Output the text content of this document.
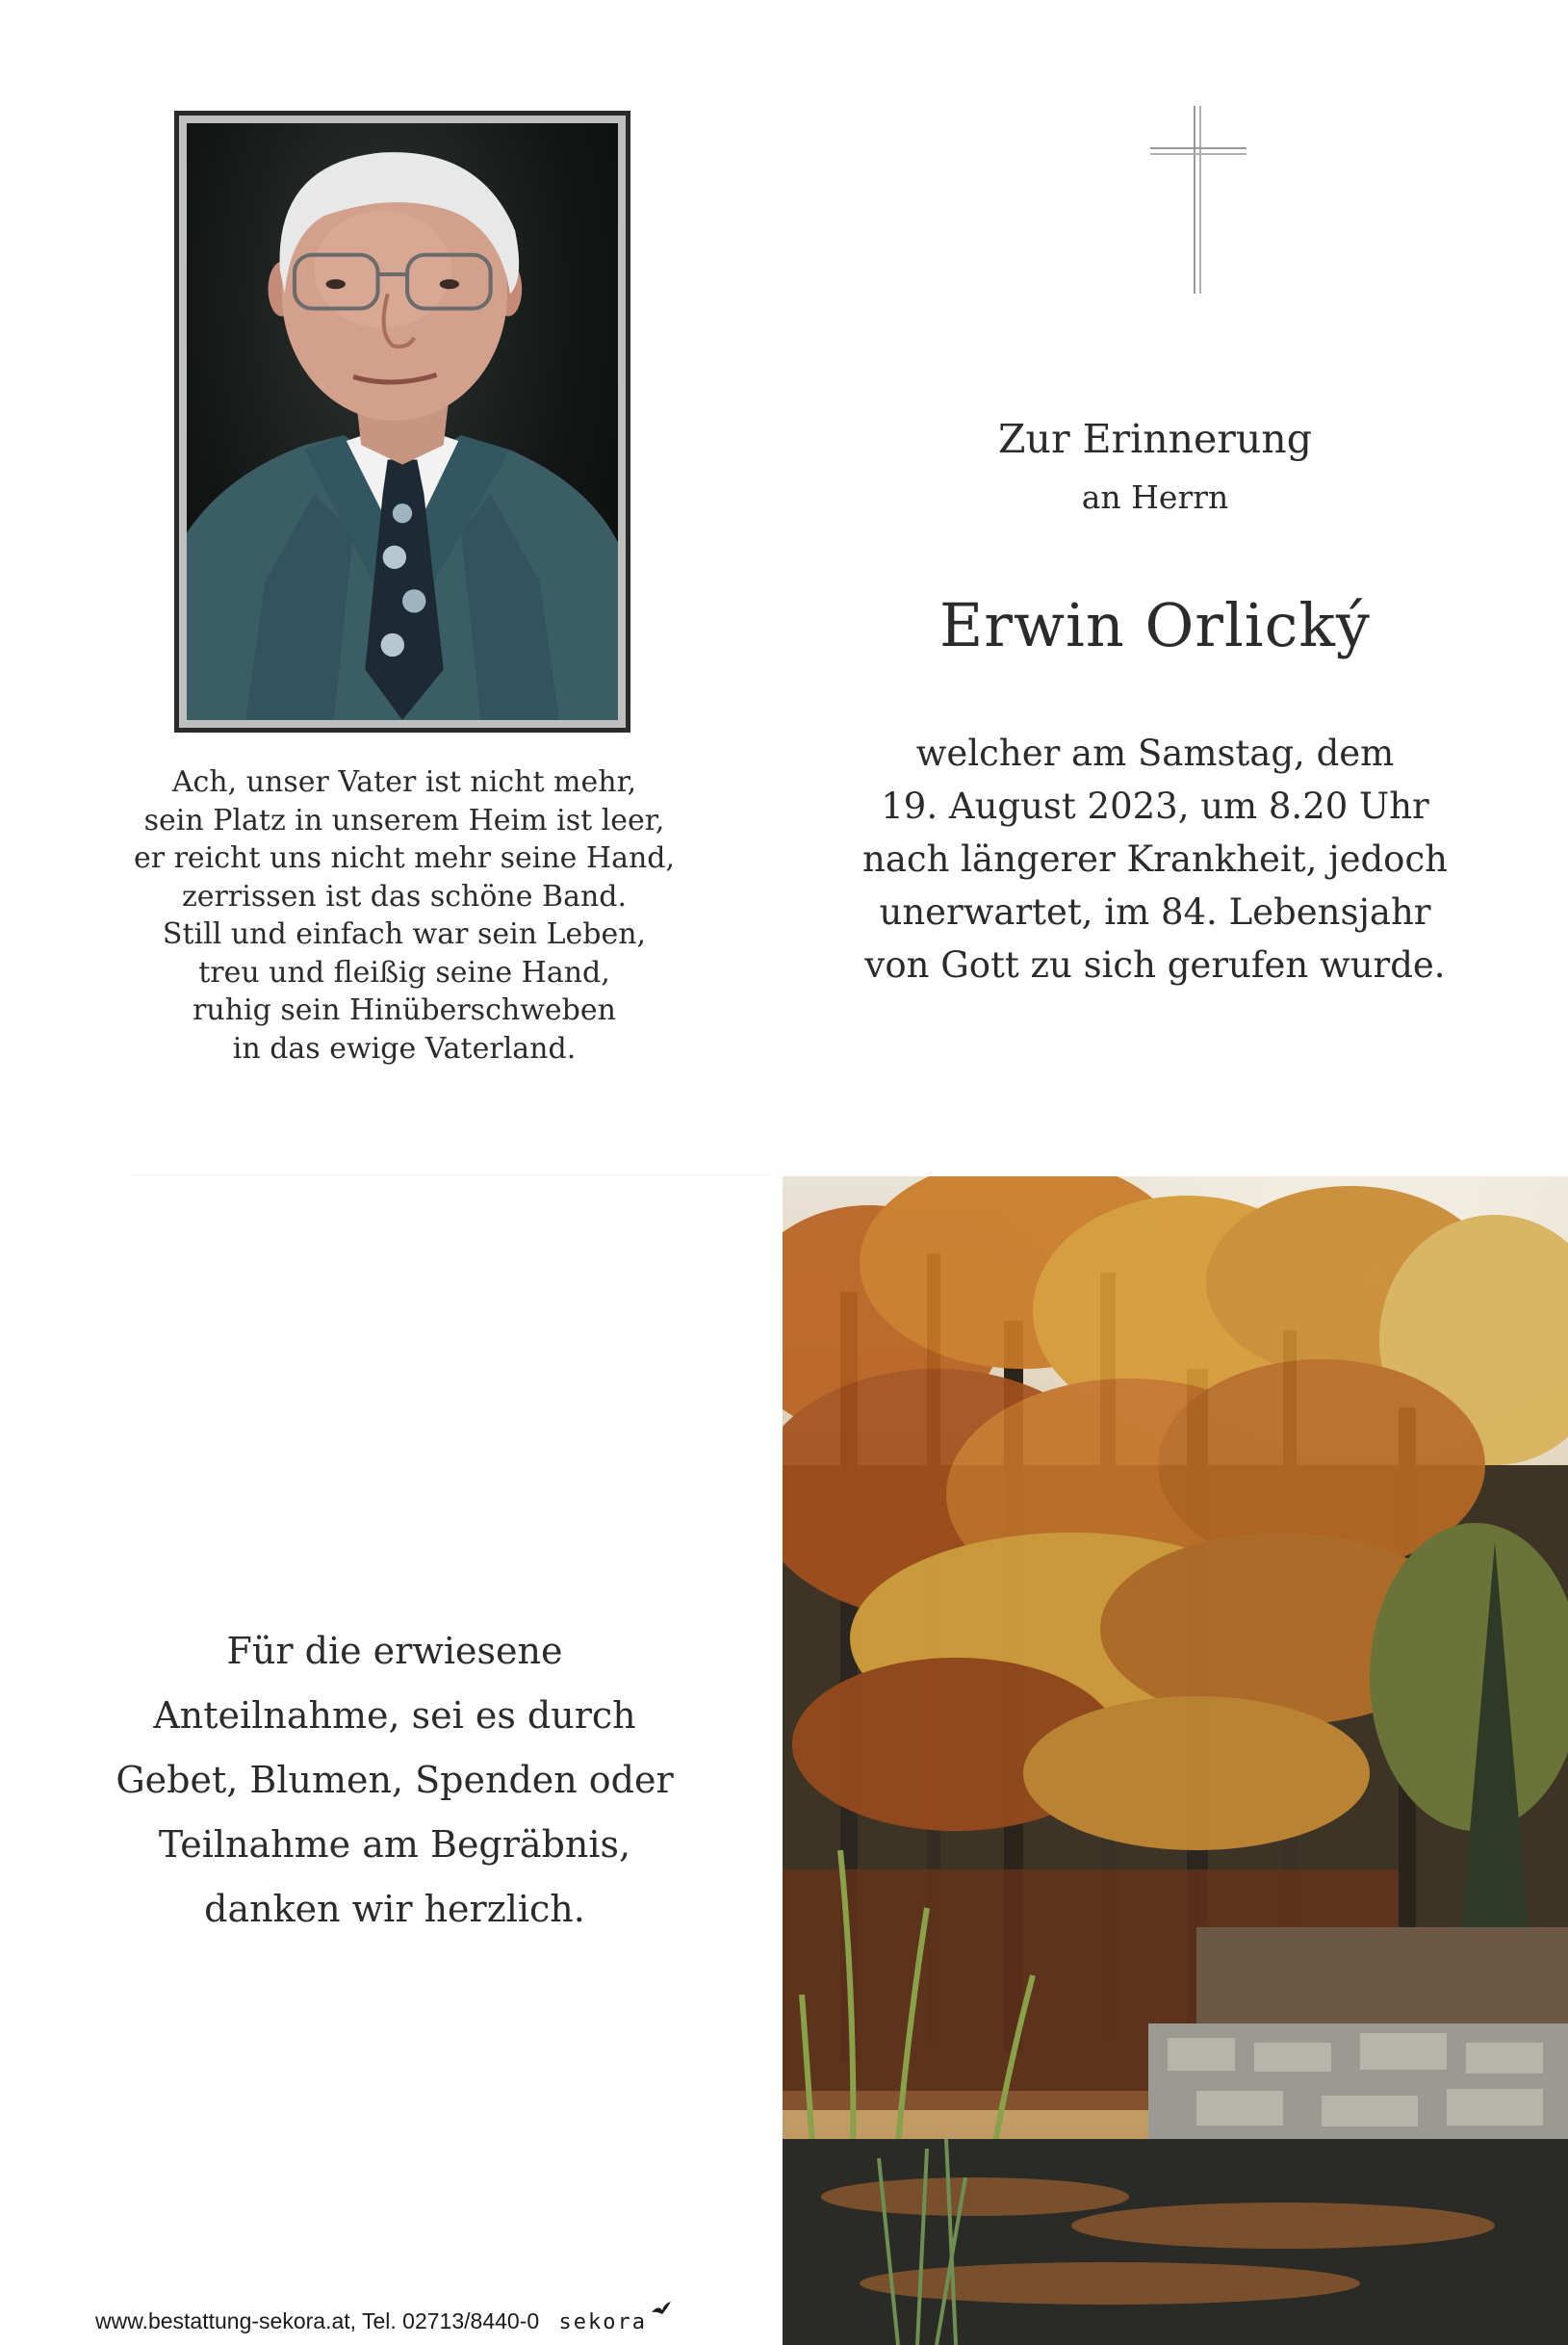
Zur Erinnerung
an Herrn
Erwin Orlický
welcher am Samstag, dem
19. August 2023, um 8.20 Uhr
nach längerer Krankheit, jedoch
unerwartet, im 84. Lebensjahr
von Gott zu sich gerufen wurde.
Ach, unser Vater ist nicht mehr,
sein Platz in unserem Heim ist leer,
er reicht uns nicht mehr seine Hand,
zerrissen ist das schöne Band.
Still und einfach war sein Leben,
treu und fleißig seine Hand,
ruhig sein Hinüberschweben
in das ewige Vaterland.
Für die erwiesene
Anteilnahme, sei es durch
Gebet, Blumen, Spenden oder
Teilnahme am Begräbnis,
danken wir herzlich.
www.bestattung-sekora.at, Tel. 02713/8440-0 sekora
